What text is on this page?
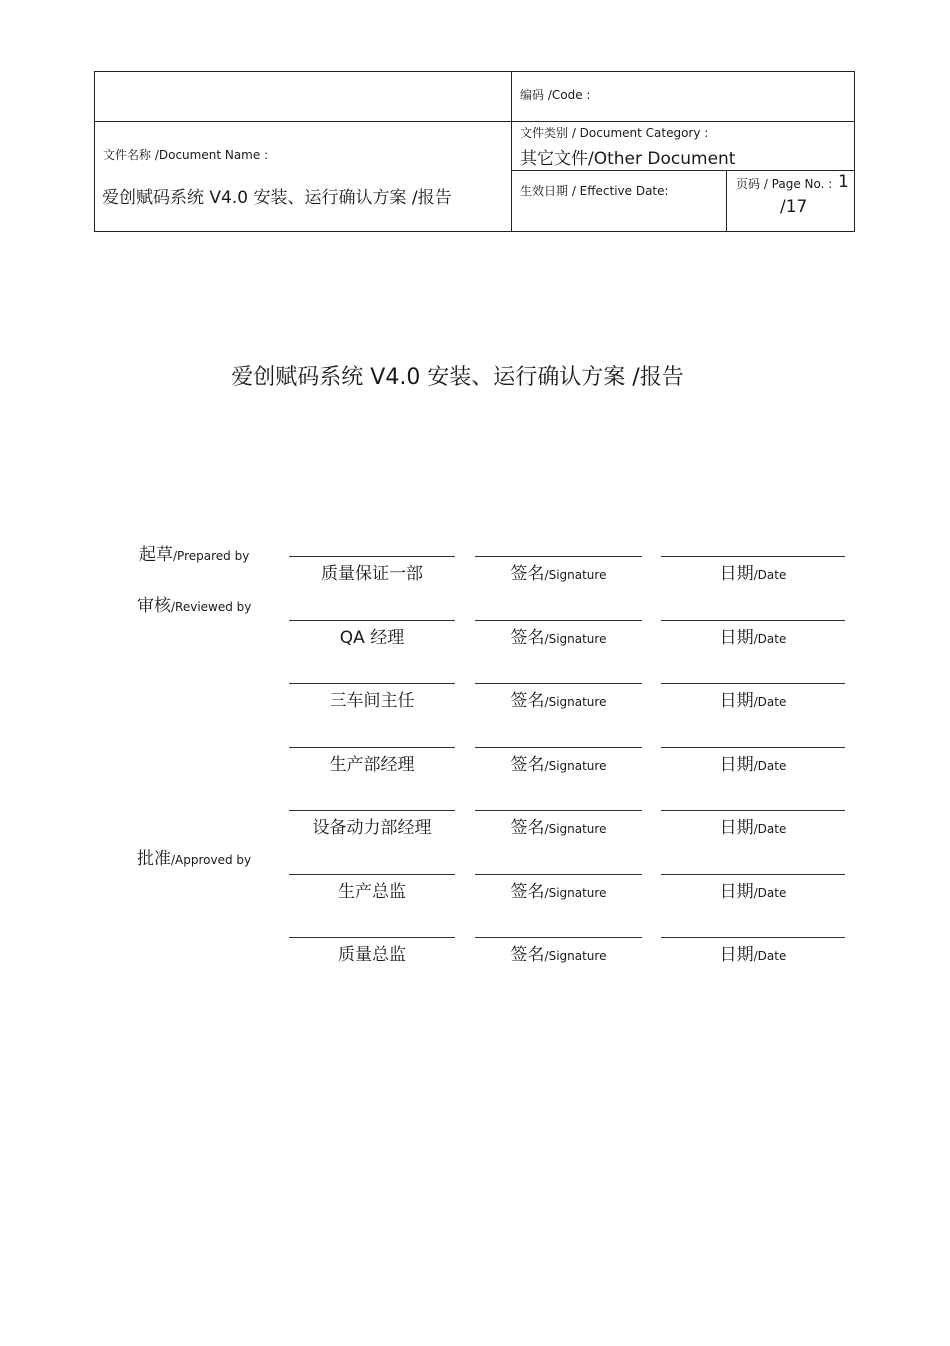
编码 /Code :
文件名称 /Document Name :
爱创赋码系统 V4.0 安装、运行确认方案 /报告
文件类别 / Document Category :
其它文件/Other Document
生效日期 / Effective Date:	页码 / Page No. : 1
/17
爱创赋码系统 V4.0 安装、运行确认方案 /报告
起草/Prepared by
审核/Reviewed by
批准/Approved by
质量保证一部	签名/Signature	日期/Date
QA 经理	签名/Signature	日期/Date
三车间主任	签名/Signature	日期/Date
生产部经理	签名/Signature	日期/Date
设备动力部经理	签名/Signature	日期/Date
生产总监	签名/Signature	日期/Date
质量总监	签名/Signature	日期/Date
